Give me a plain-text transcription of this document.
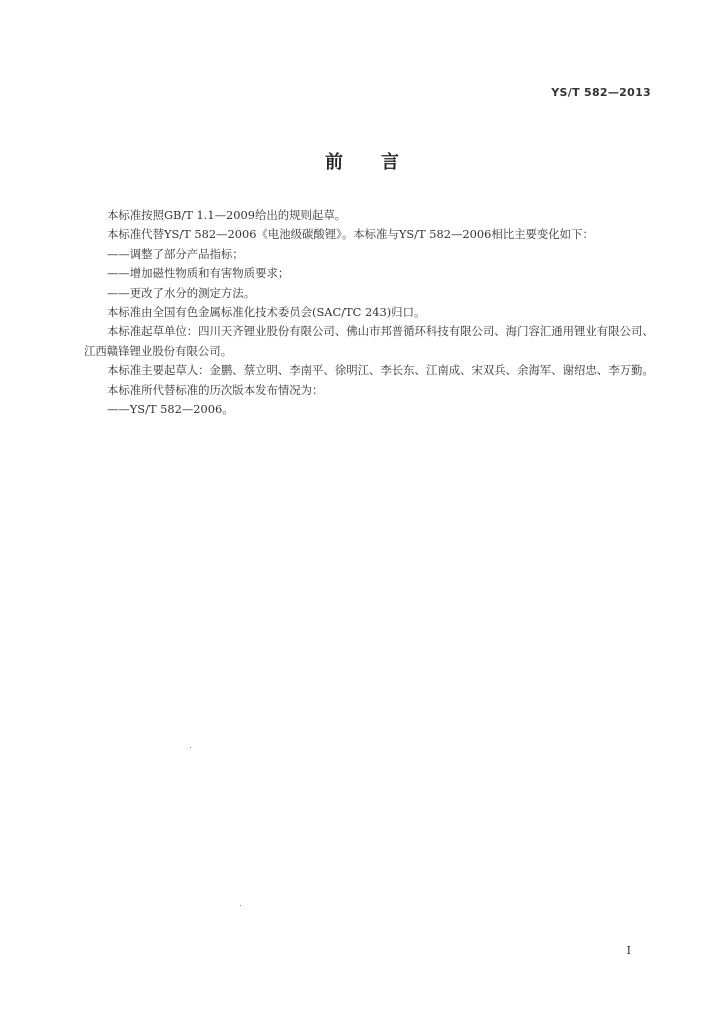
YS/T 582—2013
前言

本标准按照GB/T 1.1—2009给出的规则起草。

本标准代替YS/T 582—2006《电池级碳酸锂》。本标准与YS/T 582—2006相比主要变化如下：

——调整了部分产品指标；

——增加磁性物质和有害物质要求；

——更改了水分的测定方法。

本标准由全国有色金属标准化技术委员会(SAC/TC 243)归口。

本标准起草单位：四川天齐锂业股份有限公司、佛山市邦普循环科技有限公司、海门容汇通用锂业有限公司、江西赣锋锂业股份有限公司。

本标准主要起草人：金鹏、蔡立明、李南平、徐明江、李长东、江南成、宋双兵、余海军、谢绍忠、李万勤。

本标准所代替标准的历次版本发布情况为：

——YS/T 582—2006。

I
